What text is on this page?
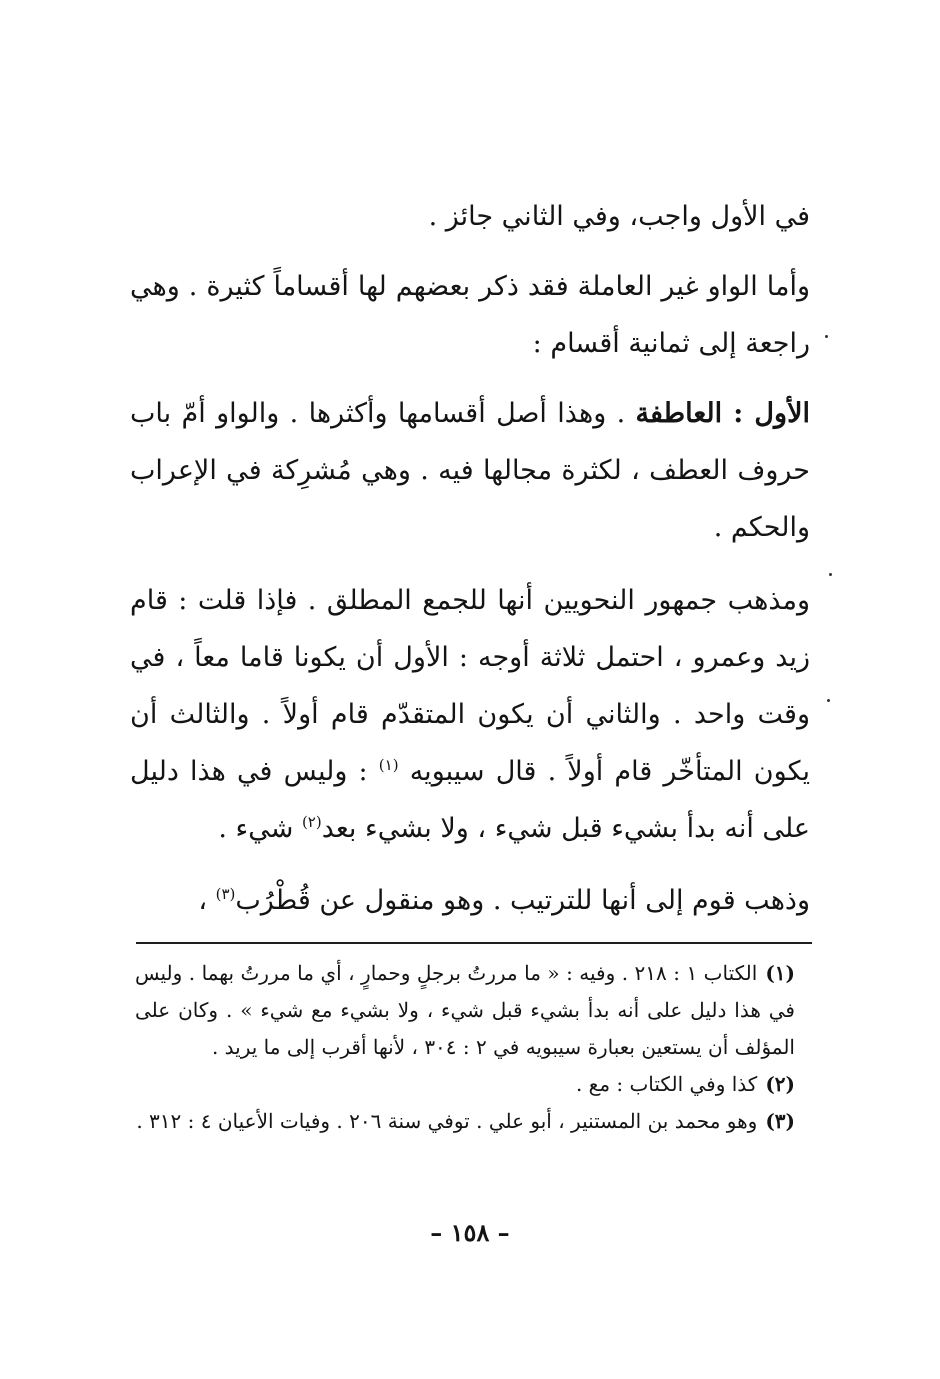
في الأول واجب، وفي الثاني جائز .

وأما الواو غير العاملة فقد ذكر بعضهم لها أقساماً كثيرة . وهي راجعة إلى ثمانية أقسام :

الأول : العاطفة . وهذا أصل أقسامها وأكثرها . والواو أمّ باب حروف العطف ، لكثرة مجالها فيه . وهي مُشرِكة في الإعراب والحكم .

ومذهب جمهور النحويين أنها للجمع المطلق . فإذا قلت : قام زيد وعمرو ، احتمل ثلاثة أوجه : الأول أن يكونا قاما معاً ، في وقت واحد . والثاني أن يكون المتقدّم قام أولاً . والثالث أن يكون المتأخّر قام أولاً . قال سيبويه $^{(١)}$ : وليس في هذا دليل على أنه بدأ بشيء قبل شيء ، ولا بشيء بعد$^{(٢)}$ شيء .

وذهب قوم إلى أنها للترتيب . وهو منقول عن قُطْرُب$^{(٣)}$ ،

(١)الكتاب ١ : ٢١٨ . وفيه : « ما مررتُ برجلٍ وحمارٍ ، أي ما مررتُ بهما . وليس في هذا دليل على أنه بدأ بشيء قبل شيء ، ولا بشيء مع شيء » . وكان على المؤلف أن يستعين بعبارة سيبويه في ٢ : ٣٠٤ ، لأنها أقرب إلى ما يريد .

(٢)كذا وفي الكتاب : مع .

(٣)وهو محمد بن المستنير ، أبو علي . توفي سنة ٢٠٦ . وفيات الأعيان ٤ : ٣١٢ .

– ١٥٨ –
